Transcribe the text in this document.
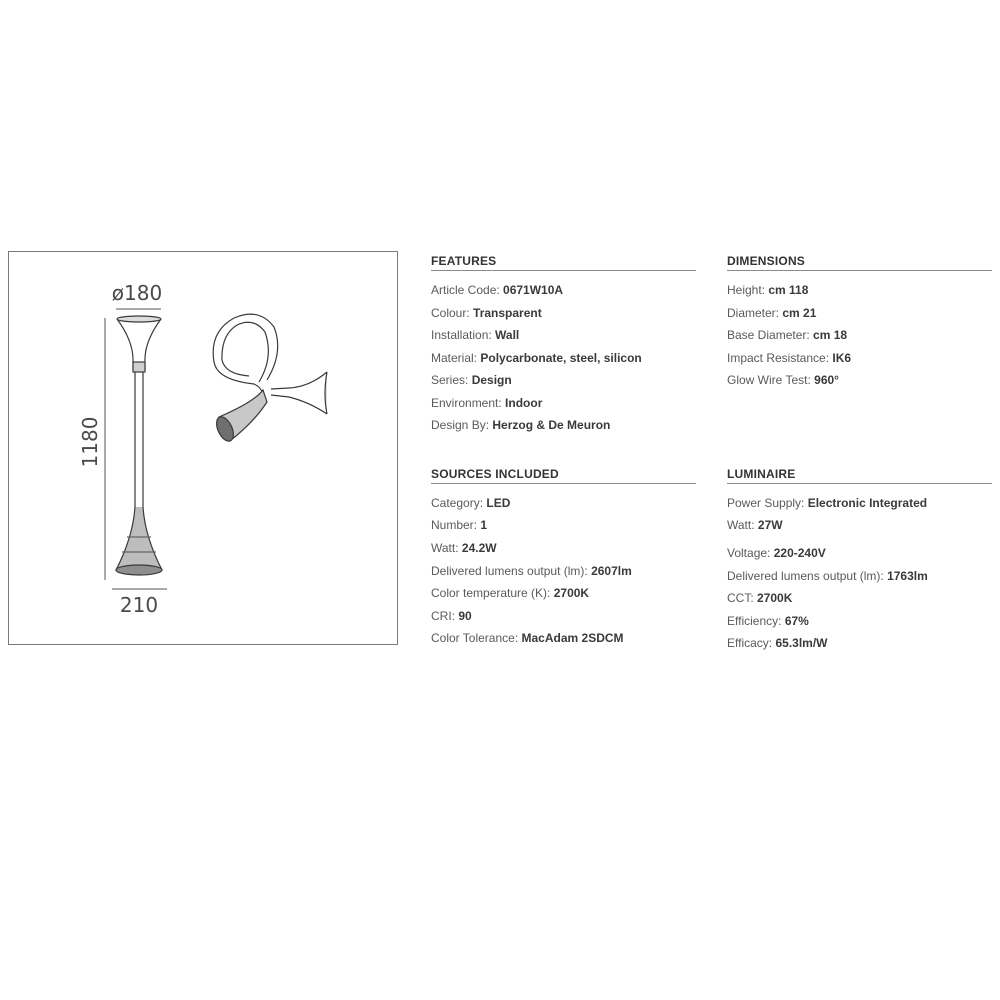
ø180
1180
210
FEATURES
Article Code: 0671W10A
Colour: Transparent
Installation: Wall
Material: Polycarbonate, steel, silicon
Series: Design
Environment: Indoor
Design By: Herzog & De Meuron
DIMENSIONS
Height: cm 118
Diameter: cm 21
Base Diameter: cm 18
Impact Resistance: IK6
Glow Wire Test: 960°
SOURCES INCLUDED
Category: LED
Number: 1
Watt: 24.2W
Delivered lumens output (lm): 2607lm
Color temperature (K): 2700K
CRI: 90
Color Tolerance: MacAdam 2SDCM
LUMINAIRE
Power Supply: Electronic Integrated
Watt: 27W
Voltage: 220-240V
Delivered lumens output (lm): 1763lm
CCT: 2700K
Efficiency: 67%
Efficacy: 65.3lm/W
